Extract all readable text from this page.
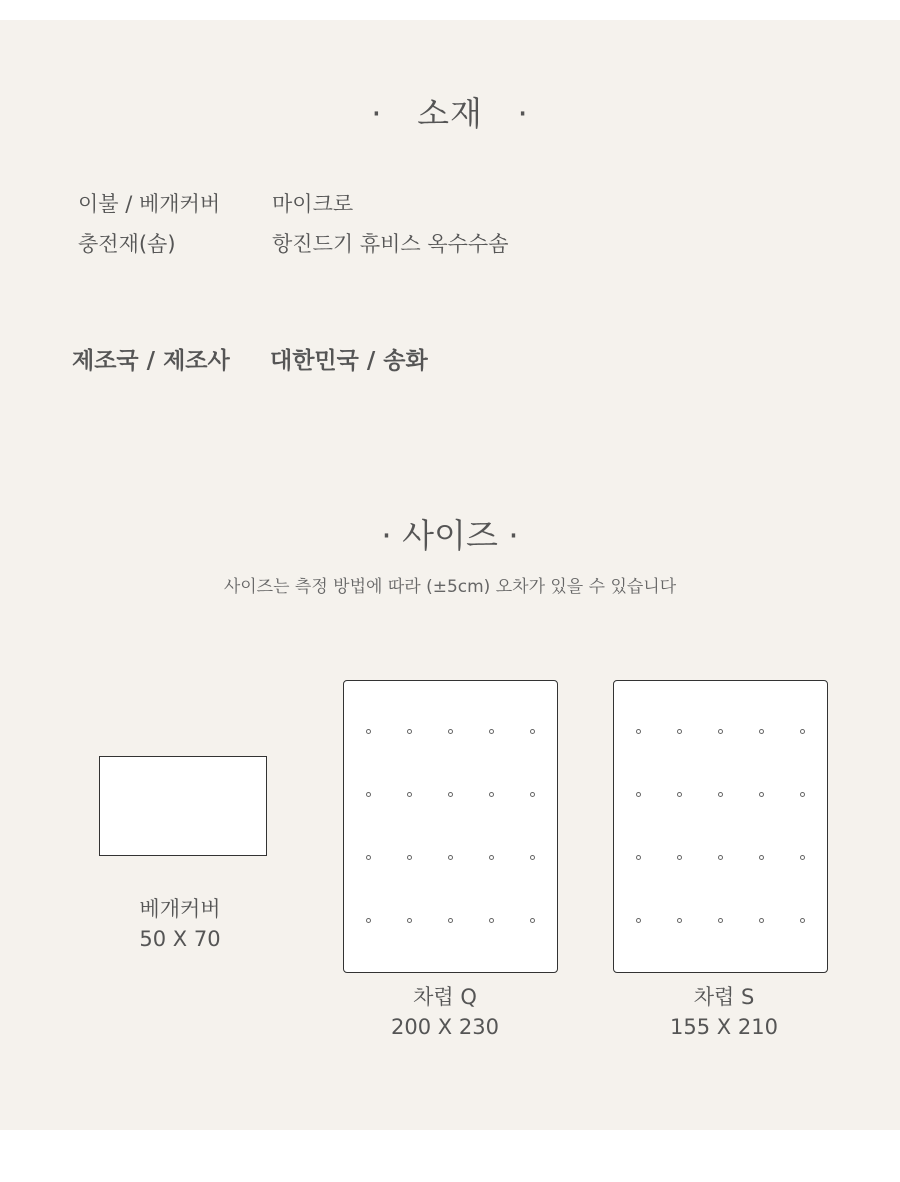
·   소재   ·
이불 / 베개커버 마이크로
충전재(솜)	항진드기 휴비스 옥수수솜
제조국 / 제조사 대한민국 / 송화
· 사이즈 ·
사이즈는 측정 방법에 따라 (±5cm) 오차가 있을 수 있습니다
베개커버
50 X 70
차렵 Q
200 X 230
차렵 S
155 X 210
